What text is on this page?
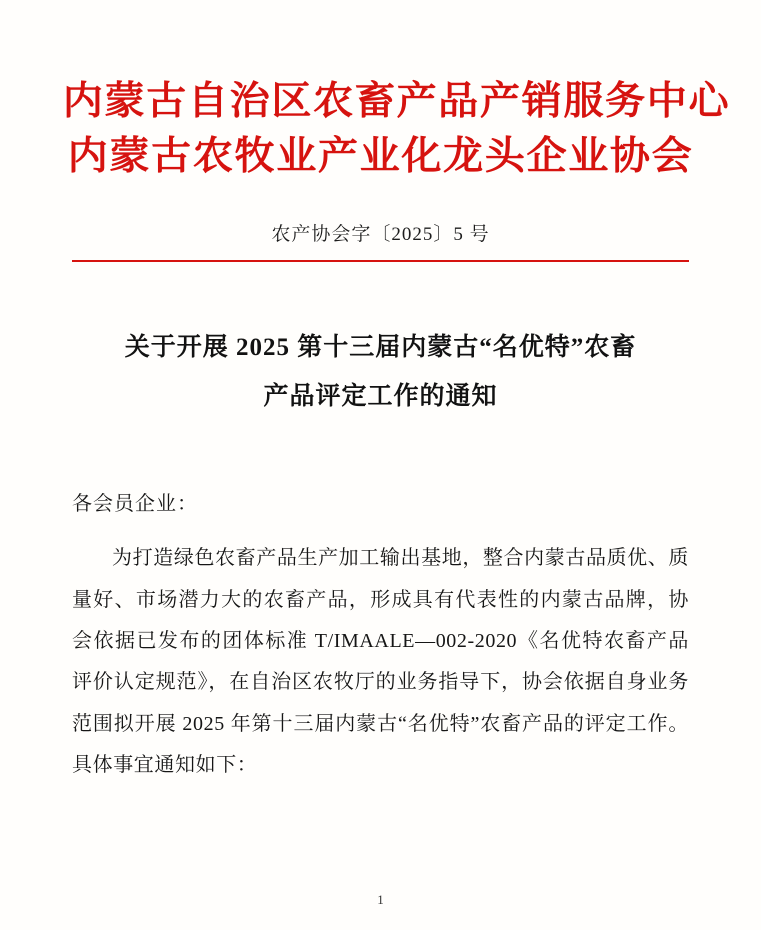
内蒙古自治区农畜产品产销服务中心
内蒙古农牧业产业化龙头企业协会
农产协会字〔2025〕5 号
关于开展 2025 第十三届内蒙古“名优特”农畜
产品评定工作的通知
各会员企业：
为打造绿色农畜产品生产加工输出基地，整合内蒙古品质优、质量好、市场潜力大的农畜产品，形成具有代表性的内蒙古品牌，协会依据已发布的团体标准 T/IMAALE—002-2020《名优特农畜产品评价认定规范》，在自治区农牧厅的业务指导下，协会依据自身业务范围拟开展 2025 年第十三届内蒙古“名优特”农畜产品的评定工作。具体事宜通知如下：
1
